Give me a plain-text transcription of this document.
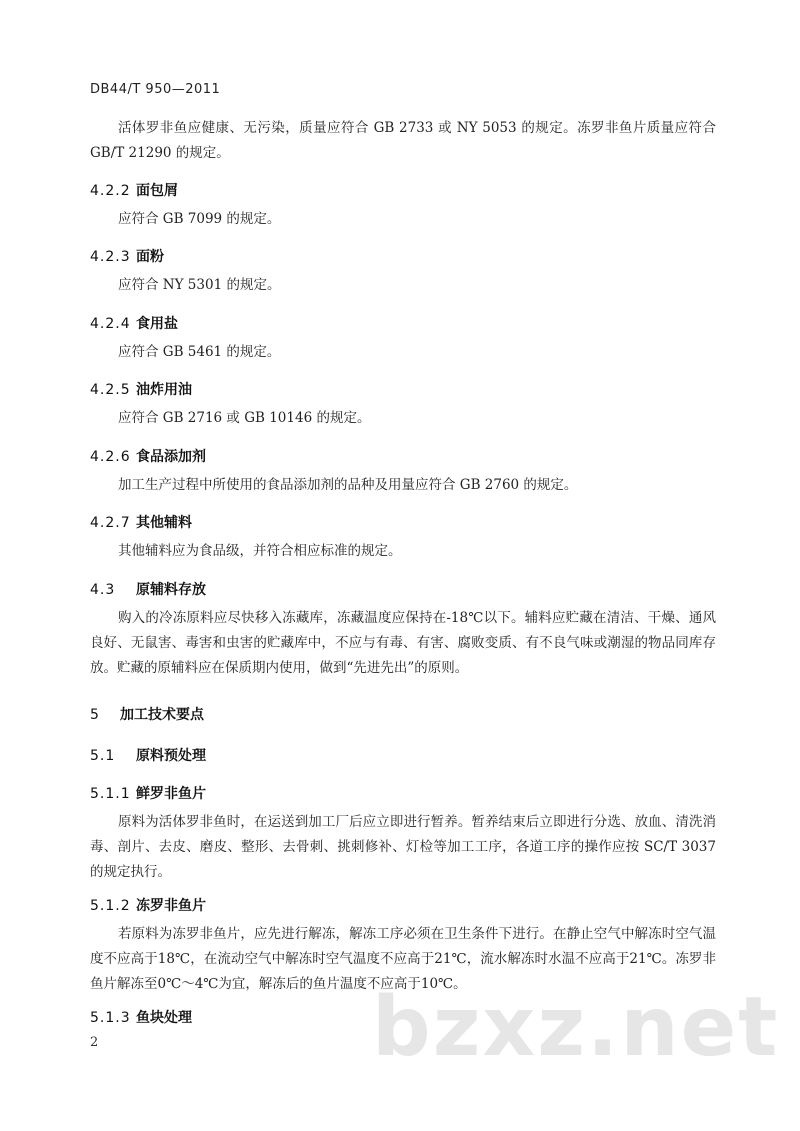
DB44/T 950—2011
活体罗非鱼应健康、无污染，质量应符合 GB 2733 或 NY 5053 的规定。冻罗非鱼片质量应符合 GB/T 21290 的规定。
4.2.2 面包屑
应符合 GB 7099 的规定。
4.2.3 面粉
应符合 NY 5301 的规定。
4.2.4 食用盐
应符合 GB 5461 的规定。
4.2.5 油炸用油
应符合 GB 2716 或 GB 10146 的规定。
4.2.6 食品添加剂
加工生产过程中所使用的食品添加剂的品种及用量应符合 GB 2760 的规定。
4.2.7 其他辅料
其他辅料应为食品级，并符合相应标准的规定。
4.3 原辅料存放
购入的冷冻原料应尽快移入冻藏库，冻藏温度应保持在-18℃以下。辅料应贮藏在清洁、干燥、通风良好、无鼠害、毒害和虫害的贮藏库中，不应与有毒、有害、腐败变质、有不良气味或潮湿的物品同库存放。贮藏的原辅料应在保质期内使用，做到“先进先出”的原则。
5 加工技术要点
5.1 原料预处理
5.1.1 鲜罗非鱼片
原料为活体罗非鱼时，在运送到加工厂后应立即进行暂养。暂养结束后立即进行分选、放血、清洗消毒、剖片、去皮、磨皮、整形、去骨刺、挑刺修补、灯检等加工工序，各道工序的操作应按 SC/T 3037 的规定执行。
5.1.2 冻罗非鱼片
若原料为冻罗非鱼片，应先进行解冻，解冻工序必须在卫生条件下进行。在静止空气中解冻时空气温度不应高于18℃，在流动空气中解冻时空气温度不应高于21℃，流水解冻时水温不应高于21℃。冻罗非鱼片解冻至0℃～4℃为宜，解冻后的鱼片温度不应高于10℃。
5.1.3 鱼块处理 bzxz.net
2
